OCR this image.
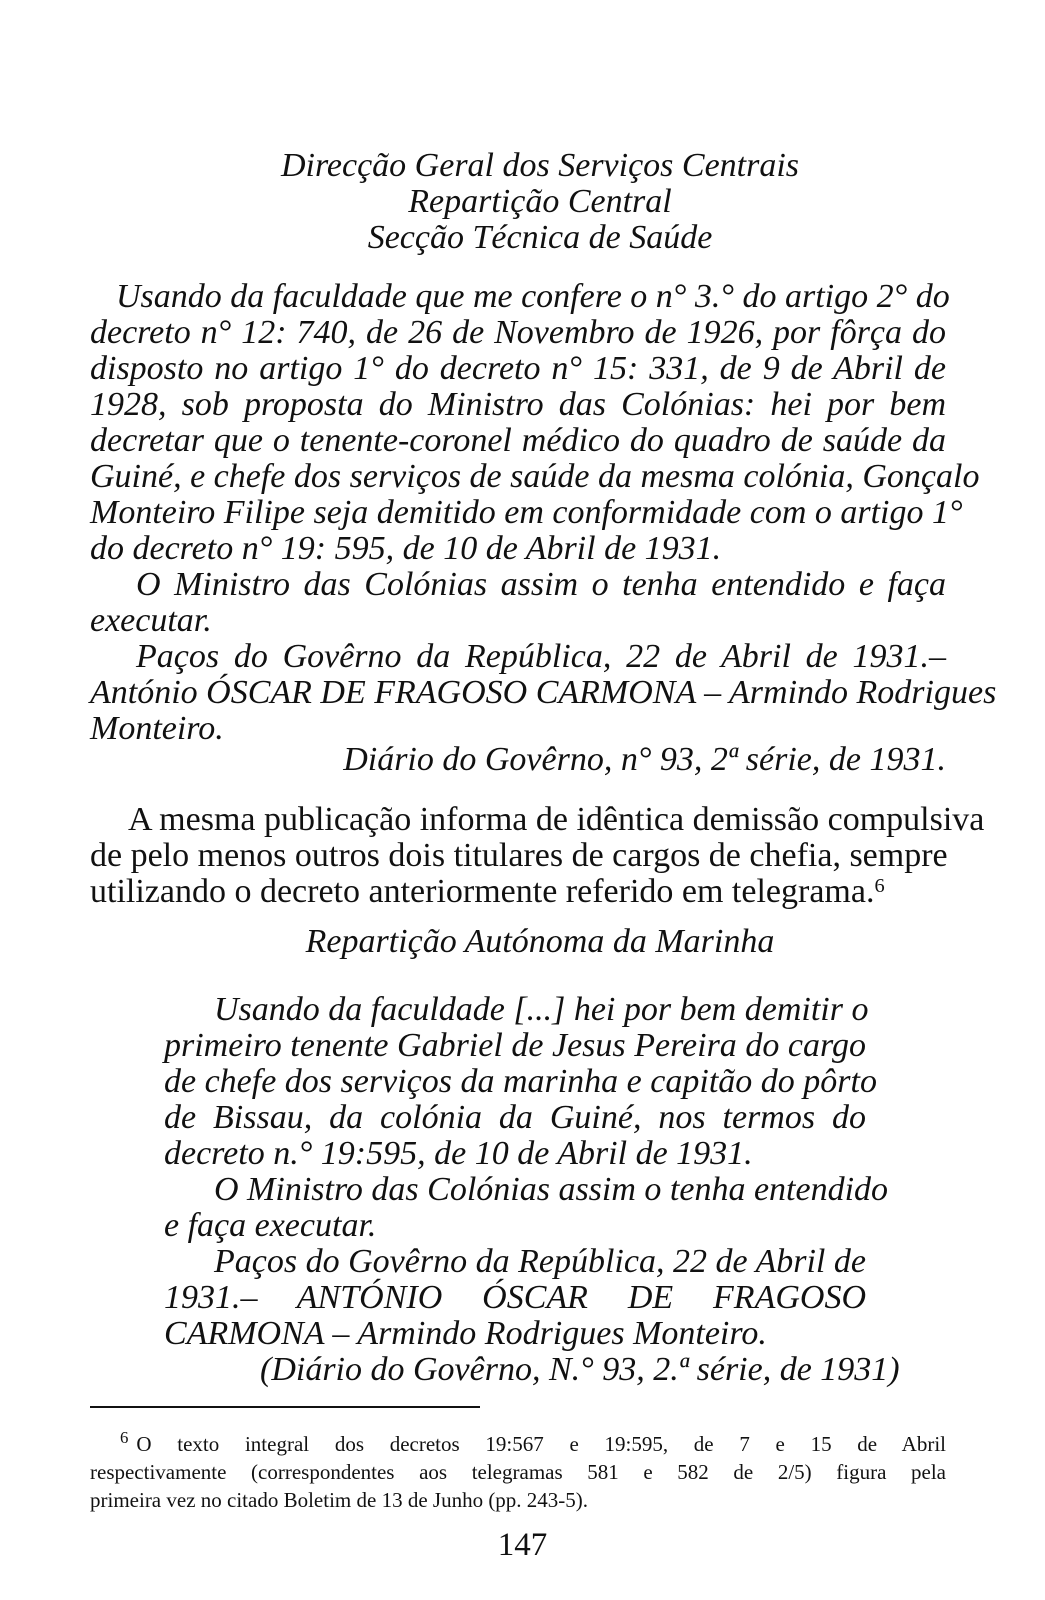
Direcção Geral dos Serviços Centrais

Repartição Central

Secção Técnica de Saúde

Usando da faculdade que me confere o n° 3.° do artigo 2° do

decreto n° 12: 740, de 26 de Novembro de 1926, por fôrça do

disposto no artigo 1° do decreto n° 15: 331, de 9 de Abril de

1928, sob proposta do Ministro das Colónias: hei por bem

decretar que o tenente-coronel médico do quadro de saúde da

Guiné, e chefe dos serviços de saúde da mesma colónia, Gonçalo

Monteiro Filipe seja demitido em conformidade com o artigo 1°

do decreto n° 19: 595, de 10 de Abril de 1931.

O Ministro das Colónias assim o tenha entendido e faça

executar.

Paços do Govêrno da República, 22 de Abril de 1931.–

António ÓSCAR DE FRAGOSO CARMONA – Armindo Rodrigues

Monteiro.

Diário do Govêrno, n° 93, 2ª série, de 1931.

A mesma publicação informa de idêntica demissão compulsiva

de pelo menos outros dois titulares de cargos de chefia, sempre

utilizando o decreto anteriormente referido em telegrama.$^6$

Repartição Autónoma da Marinha

Usando da faculdade [...] hei por bem demitir o

primeiro tenente Gabriel de Jesus Pereira do cargo

de chefe dos serviços da marinha e capitão do pôrto

de Bissau, da colónia da Guiné, nos termos do

decreto n.° 19:595, de 10 de Abril de 1931.

O Ministro das Colónias assim o tenha entendido

e faça executar.

Paços do Govêrno da República, 22 de Abril de

1931.– ANTÓNIO ÓSCAR DE FRAGOSO

CARMONA – Armindo Rodrigues Monteiro.

(Diário do Govêrno, N.° 93, 2.ª série, de 1931)

$^6$ O texto integral dos decretos 19:567 e 19:595, de 7 e 15 de Abril

respectivamente (correspondentes aos telegramas 581 e 582 de 2/5) figura pela

primeira vez no citado Boletim de 13 de Junho (pp. 243-5).

147
